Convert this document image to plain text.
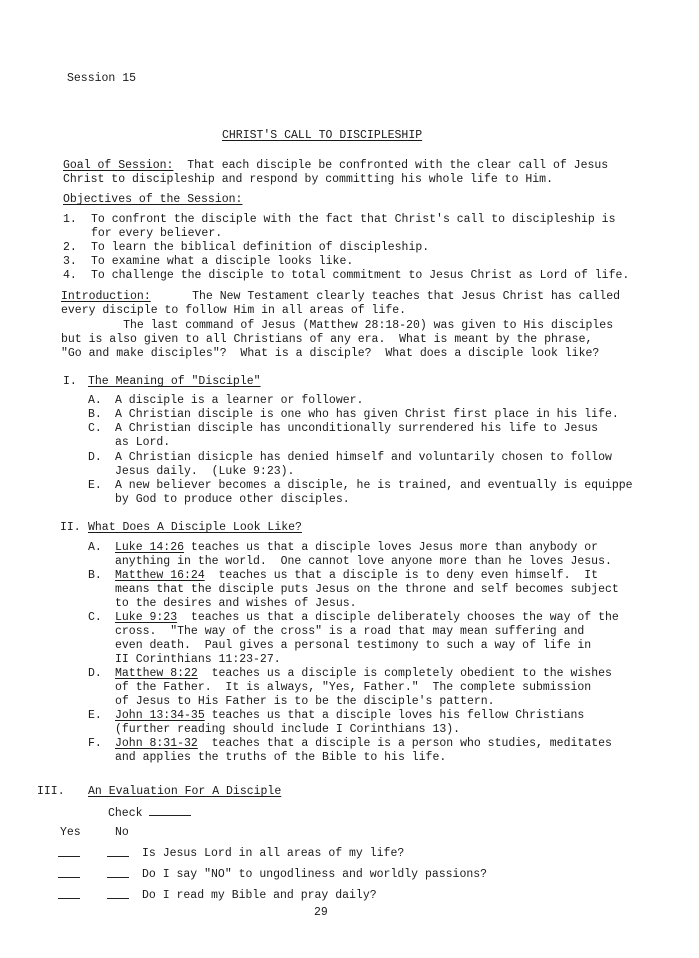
Session 15
CHRIST'S CALL TO DISCIPLESHIP
Goal of Session:  That each disciple be confronted with the clear call of Jesus
Christ to discipleship and respond by committing his whole life to Him.
Objectives of the Session:
1. To confront the disciple with the fact that Christ's call to discipleship is
for every believer.
2. To learn the biblical definition of discipleship.
3. To examine what a disciple looks like.
4. To challenge the disciple to total commitment to Jesus Christ as Lord of life.
Introduction:      The New Testament clearly teaches that Jesus Christ has called
every disciple to follow Him in all areas of life.
The last command of Jesus (Matthew 28:18-20) was given to His disciples
but is also given to all Christians of any era.  What is meant by the phrase,
"Go and make disciples"?  What is a disciple?  What does a disciple look like?
I. The Meaning of "Disciple"
A. A disciple is a learner or follower.
B. A Christian disciple is one who has given Christ first place in his life.
C. A Christian disciple has unconditionally surrendered his life to Jesus
as Lord.
D. A Christian disicple has denied himself and voluntarily chosen to follow
Jesus daily.  (Luke 9:23).
E. A new believer becomes a disciple, he is trained, and eventually is equippe
by God to produce other disciples.
II. What Does A Disciple Look Like?
A. Luke 14:26 teaches us that a disciple loves Jesus more than anybody or
anything in the world.  One cannot love anyone more than he loves Jesus.
B. Matthew 16:24  teaches us that a disciple is to deny even himself.  It
means that the disciple puts Jesus on the throne and self becomes subject
to the desires and wishes of Jesus.
C. Luke 9:23  teaches us that a disciple deliberately chooses the way of the
cross.  "The way of the cross" is a road that may mean suffering and
even death.  Paul gives a personal testimony to such a way of life in
II Corinthians 11:23-27.
D. Matthew 8:22  teaches us a disciple is completely obedient to the wishes
of the Father.  It is always, "Yes, Father."  The complete submission
of Jesus to His Father is to be the disciple's pattern.
E. John 13:34-35 teaches us that a disciple loves his fellow Christians
(further reading should include I Corinthians 13).
F. John 8:31-32  teaches that a disciple is a person who studies, meditates
and applies the truths of the Bible to his life.
III. An Evaluation For A Disciple
Check
Yes	No
Is Jesus Lord in all areas of my life?
Do I say "NO" to ungodliness and worldly passions?
Do I read my Bible and pray daily?
29
